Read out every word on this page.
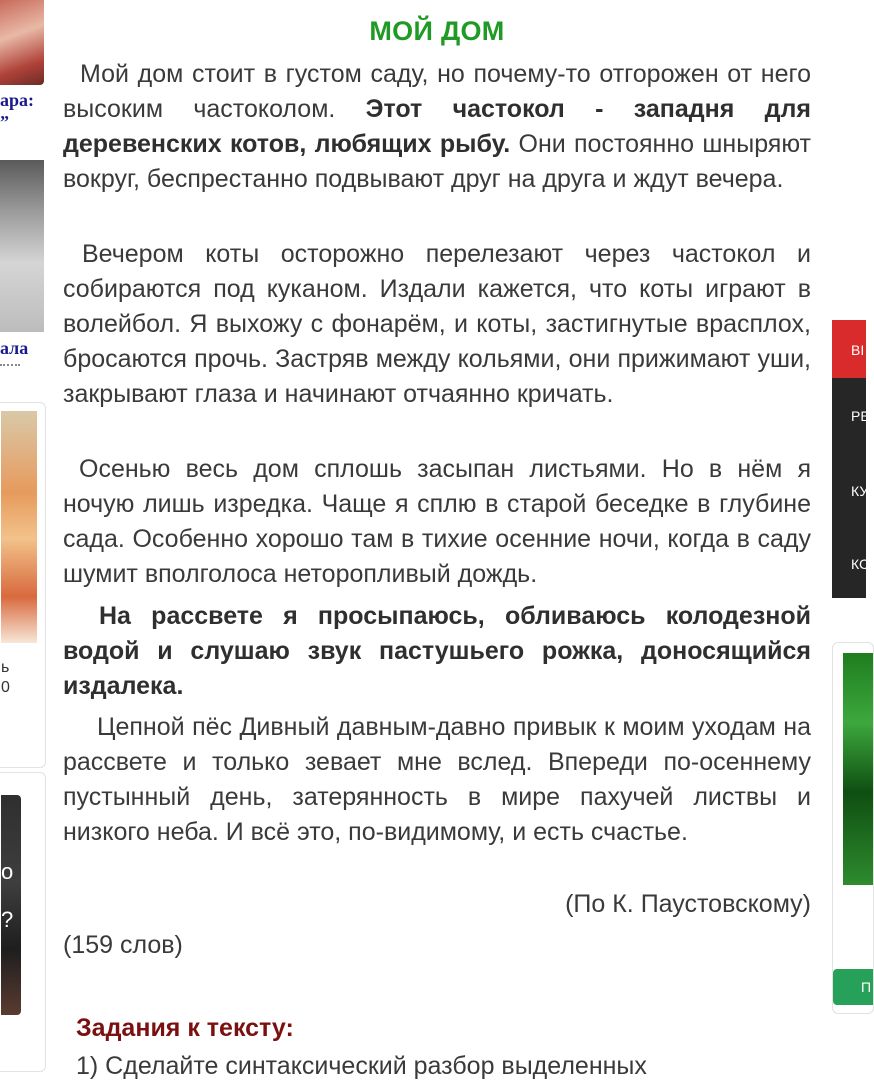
ара:
”
ала
ь
0
o
?
МОЙ ДОМ
Мой дом стоит в густом саду, но почему-то отгорожен от него высоким частоколом. Этот частокол - западня для деревенских котов, любящих рыбу. Они постоянно шныряют вокруг, беспрестанно подвывают друг на друга и ждут вечера.
Вечером коты осторожно перелезают через частокол и собираются под куканом. Издали кажется, что коты играют в волейбол. Я выхожу с фонарём, и коты, застигнутые врасплох, бросаются прочь. Застряв между кольями, они прижимают уши, закрывают глаза и начинают отчаянно кричать.
Осенью весь дом сплошь засыпан листьями. Но в нём я ночую лишь изредка. Чаще я сплю в старой беседке в глубине сада. Особенно хорошо там в тихие осенние ночи, когда в саду шумит вполголоса неторопливый дождь.
На рассвете я просыпаюсь, обливаюсь колодезной водой и слушаю звук пастушьего рожка, доносящийся издалека.
Цепной пёс Дивный давным-давно привык к моим уходам на рассвете и только зевает мне вслед. Впереди по-осеннему пустынный день, затерянность в мире пахучей листвы и низкого неба. И всё это, по-видимому, и есть счастье.
(По К. Паустовскому)
(159 слов)
Задания к тексту:
1) Сделайте синтаксический разбор выделенных
ВІ
РЕ
КУ
КС
П
